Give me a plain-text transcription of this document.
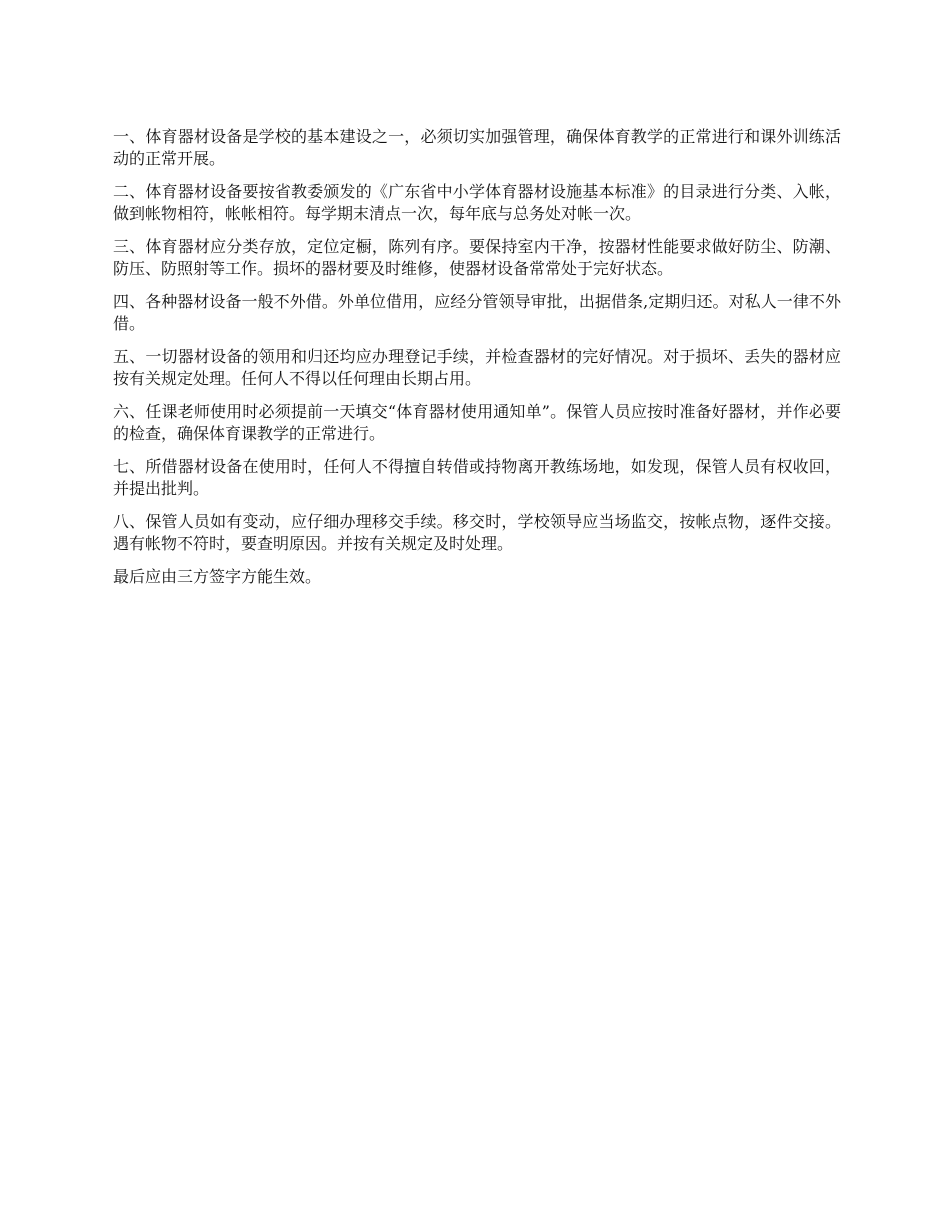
一、体育器材设备是学校的基本建设之一，必须切实加强管理，确保体育教学的正常进行和课外训练活动的正常开展。

二、体育器材设备要按省教委颁发的《广东省中小学体育器材设施基本标准》的目录进行分类、入帐，做到帐物相符，帐帐相符。每学期末清点一次，每年底与总务处对帐一次。

三、体育器材应分类存放，定位定橱，陈列有序。要保持室内干净，按器材性能要求做好防尘、防潮、防压、防照射等工作。损坏的器材要及时维修，使器材设备常常处于完好状态。

四、各种器材设备一般不外借。外单位借用，应经分管领导审批，出据借条,定期归还。对私人一律不外借。

五、一切器材设备的领用和归还均应办理登记手续，并检查器材的完好情况。对于损坏、丢失的器材应按有关规定处理。任何人不得以任何理由长期占用。

六、任课老师使用时必须提前一天填交“体育器材使用通知单”。保管人员应按时准备好器材，并作必要的检查，确保体育课教学的正常进行。

七、所借器材设备在使用时，任何人不得擅自转借或持物离开教练场地，如发现，保管人员有权收回，并提出批判。

八、保管人员如有变动，应仔细办理移交手续。移交时，学校领导应当场监交，按帐点物，逐件交接。遇有帐物不符时，要查明原因。并按有关规定及时处理。

最后应由三方签字方能生效。
